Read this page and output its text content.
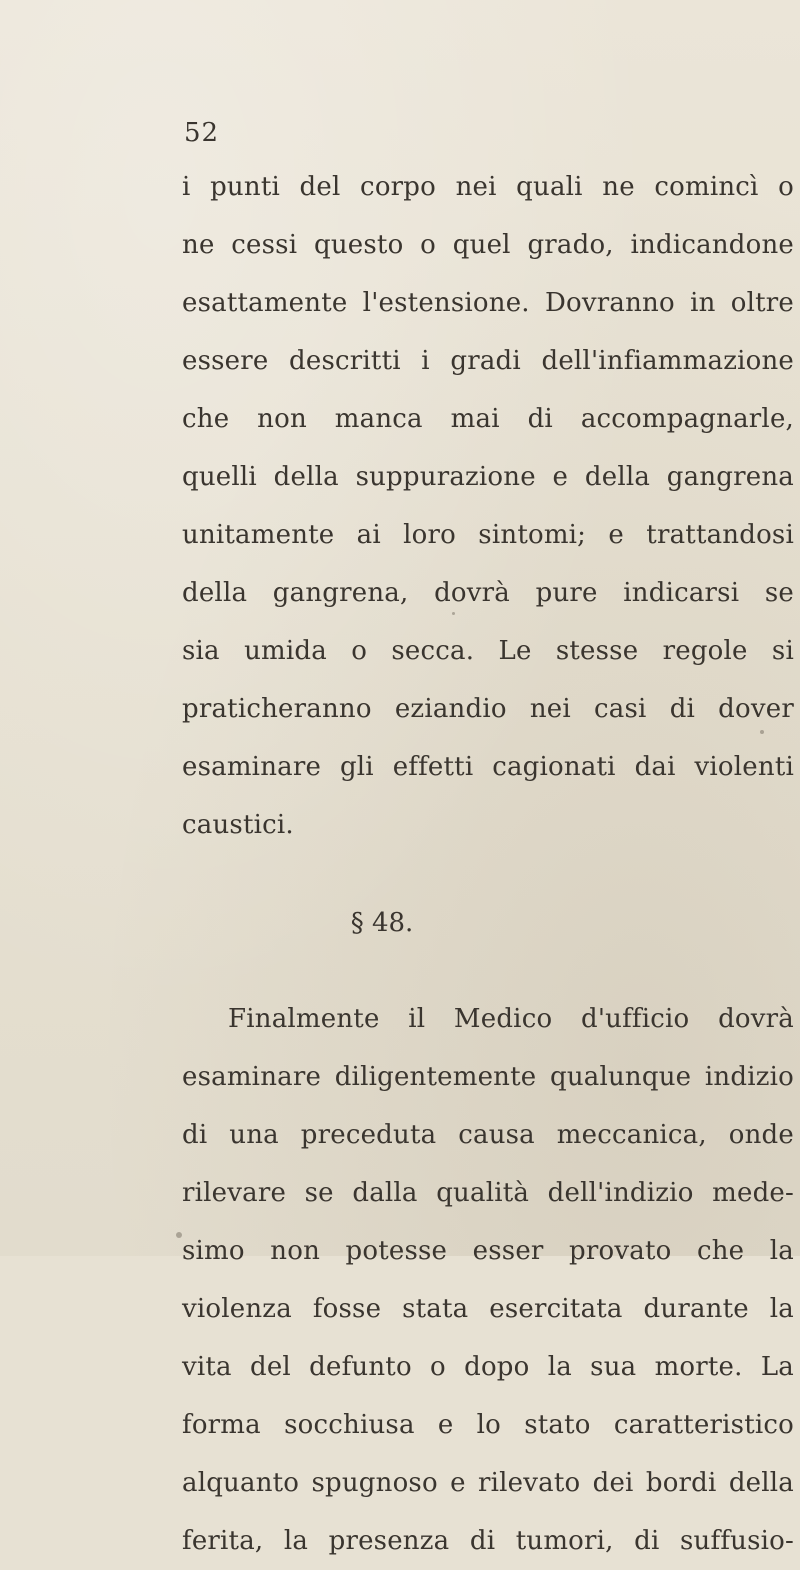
52
i punti del corpo nei quali ne comincì o
ne cessi questo o quel grado, indicandone
esattamente l'estensione. Dovranno in oltre
essere descritti i gradi dell'infiammazione
che non manca mai di accompagnarle,
quelli della suppurazione e della gangrena
unitamente ai loro sintomi; e trattandosi
della gangrena, dovrà pure indicarsi se
sia umida o secca. Le stesse regole si
praticheranno eziandio nei casi di dover
esaminare gli effetti cagionati dai violenti
caustici.
§ 48.
Finalmente il Medico d'ufficio dovrà
esaminare diligentemente qualunque indizio
di una preceduta causa meccanica, onde
rilevare se dalla qualità dell'indizio mede-
simo non potesse esser provato che la
violenza fosse stata esercitata durante la
vita del defunto o dopo la sua morte. La
forma socchiusa e lo stato caratteristico
alquanto spugnoso e rilevato dei bordi della
ferita, la presenza di tumori, di suffusio-
